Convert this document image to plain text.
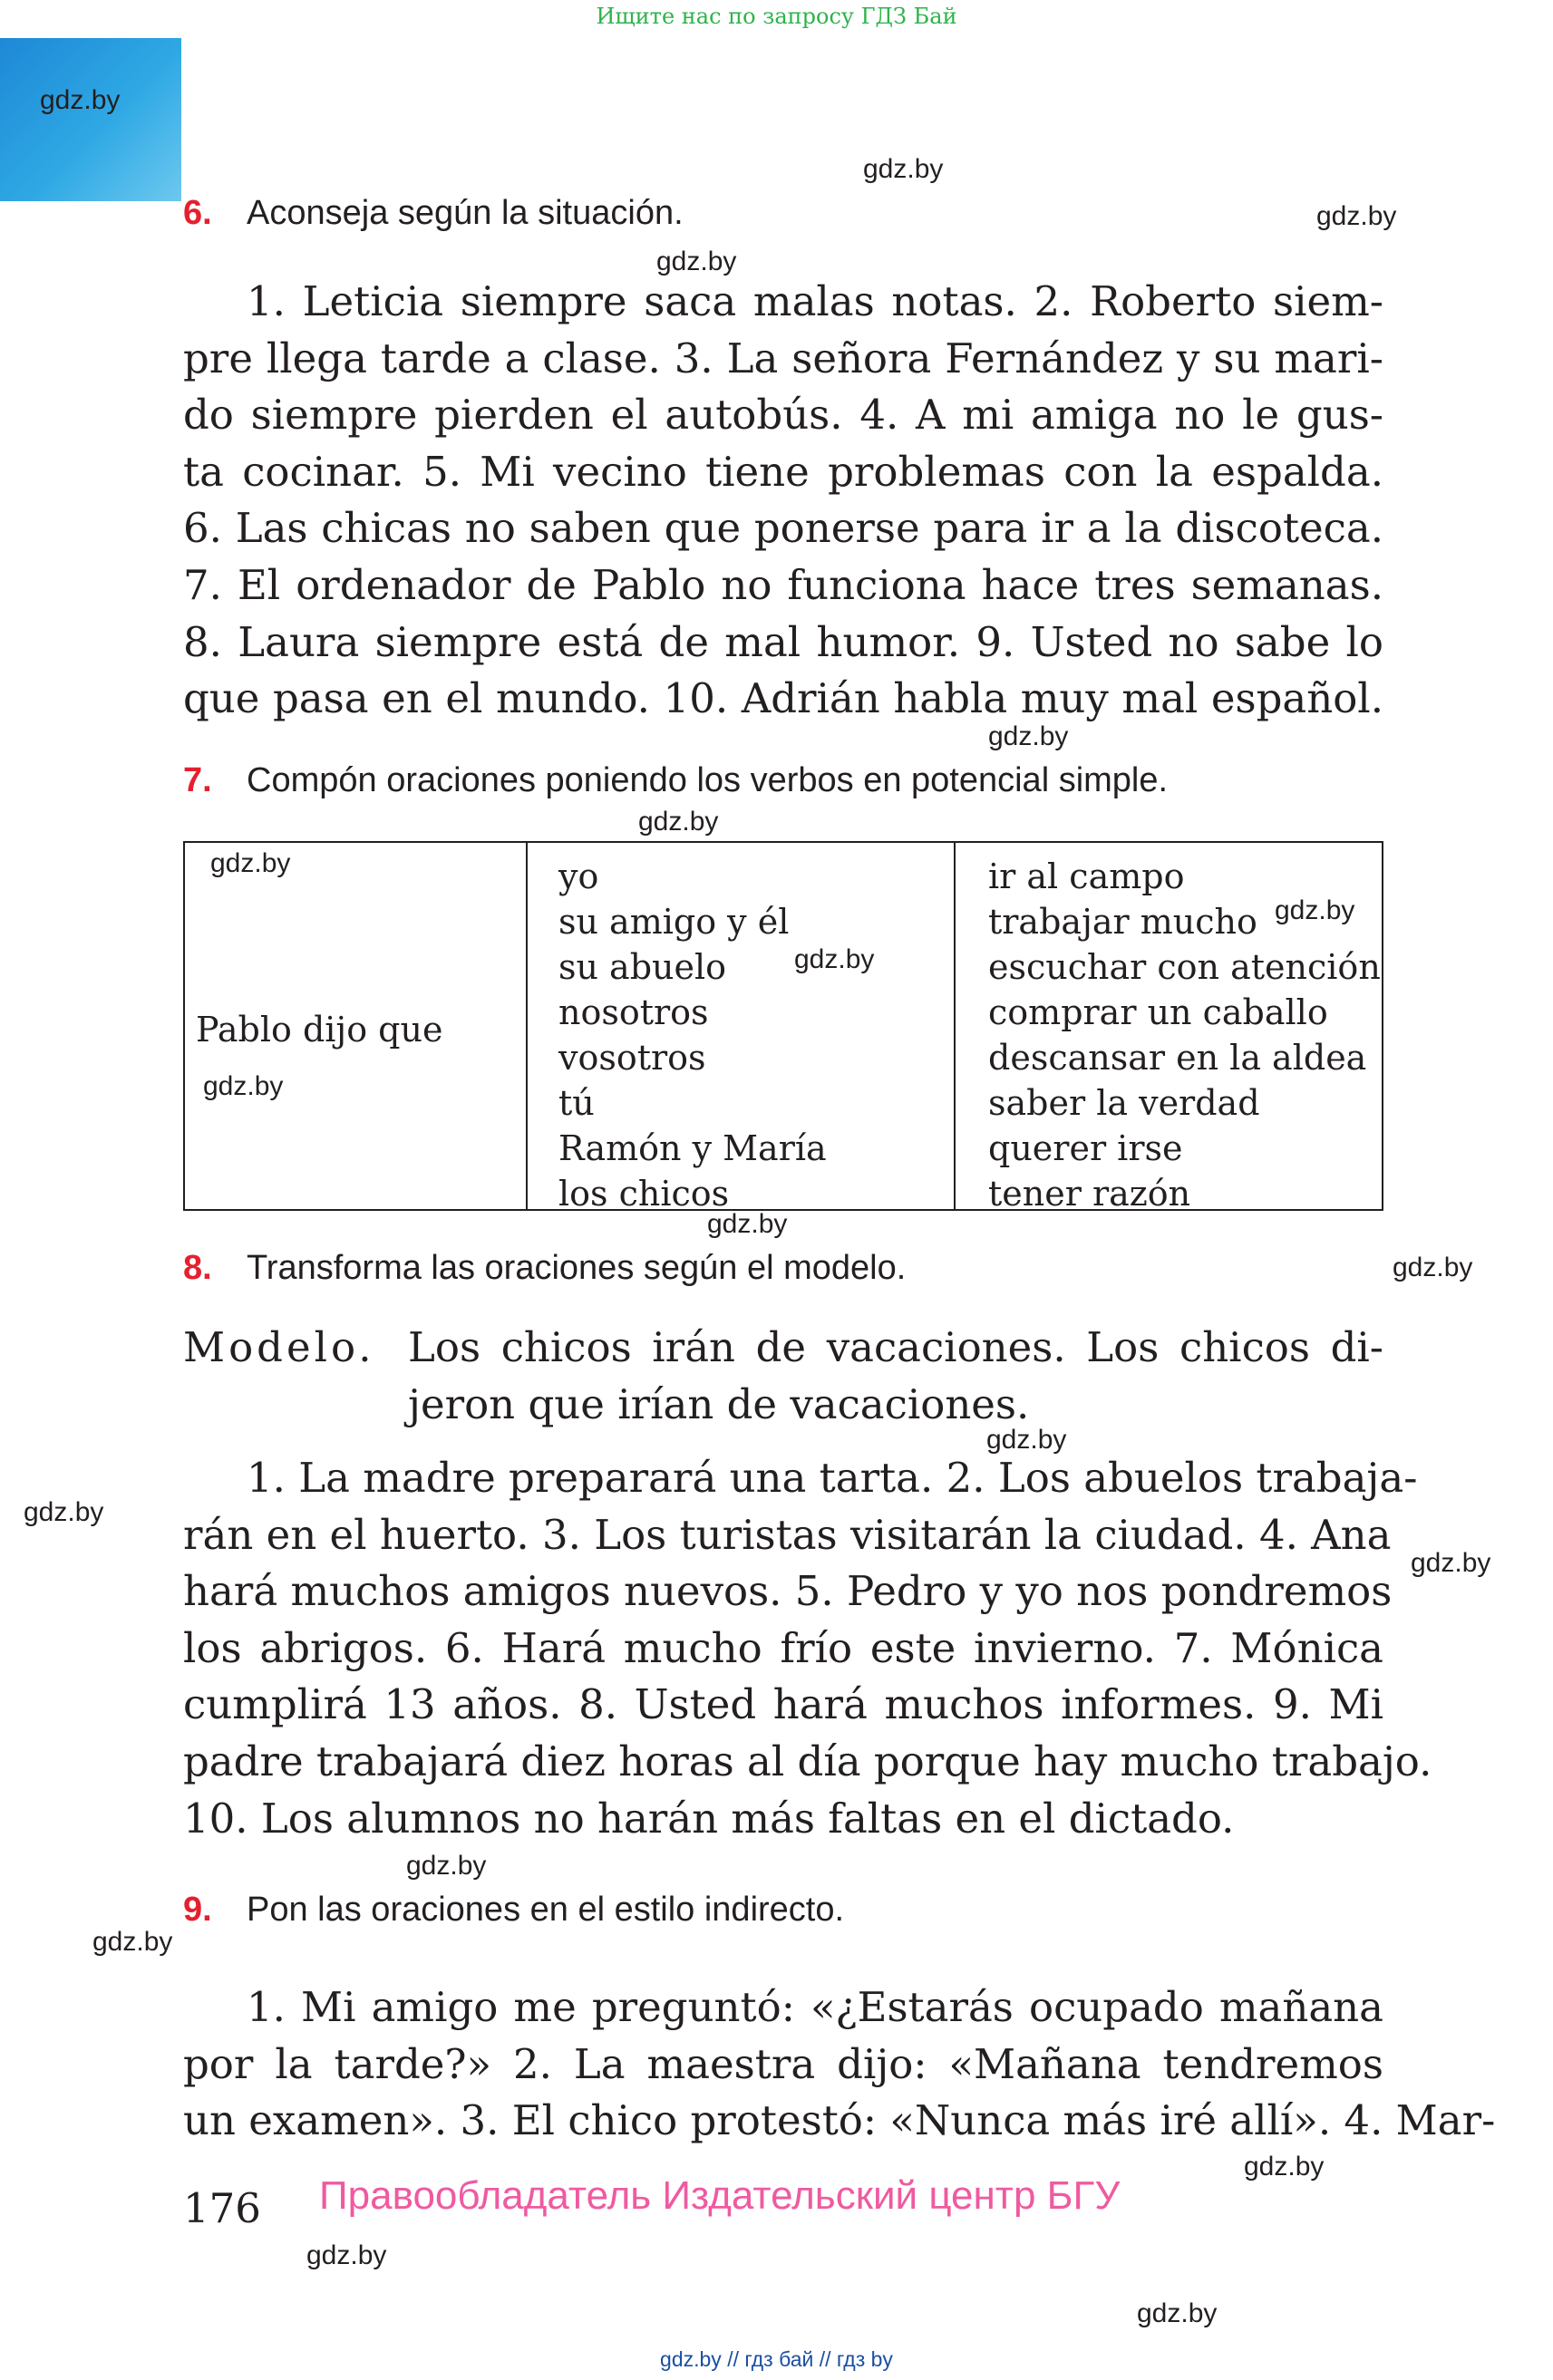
Ищите нас по запросу ГДЗ Бай
gdz.by
gdz.by
gdz.by
gdz.by
gdz.by
gdz.by
gdz.by
gdz.by
gdz.by
gdz.by
gdz.by
gdz.by
gdz.by
gdz.by
gdz.by
gdz.by
6. Aconseja según la situación.
1. Leticia siempre saca malas notas. 2. Roberto siem-
pre llega tarde a clase. 3. La señora Fernández y su mari-
do siempre pierden el autobús. 4. A mi amiga no le gus-
ta cocinar. 5. Mi vecino tiene problemas con la espalda.
6. Las chicas no saben que ponerse para ir a la discoteca.
7. El ordenador de Pablo no funciona hace tres semanas.
8. Laura siempre está de mal humor. 9. Usted no sabe lo
que pasa en el mundo. 10. Adrián habla muy mal español.
7. Compón oraciones poniendo los verbos en potencial simple.
Pablo dijo que
gdz.by
gdz.by
yo
su amigo y él
su abuelo
nosotros
vosotros
tú
Ramón y María
los chicos
gdz.by
ir al campo
trabajar mucho
escuchar con atención
comprar un caballo
descansar en la aldea
saber la verdad
querer irse
tener razón
gdz.by
8. Transforma las oraciones según el modelo.
Modelo. Los chicos irán de vacaciones. Los chicos di-
jeron que irían de vacaciones.
1. La madre preparará una tarta. 2. Los abuelos trabaja-
rán en el huerto. 3. Los turistas visitarán la ciudad. 4. Ana
hará muchos amigos nuevos. 5. Pedro y yo nos pondremos
los abrigos. 6. Hará mucho frío este invierno. 7. Mónica
cumplirá 13 años. 8. Usted hará muchos informes. 9. Mi
padre trabajará diez horas al día porque hay mucho trabajo.
10. Los alumnos no harán más faltas en el dictado.
9. Pon las oraciones en el estilo indirecto.
1. Mi amigo me preguntó: «¿Estarás ocupado mañana
por la tarde?» 2. La maestra dijo: «Mañana tendremos
un examen». 3. El chico protestó: «Nunca más iré allí». 4. Mar-
176 Правообладатель Издательский центр БГУ
gdz.by // гдз бай // гдз by
